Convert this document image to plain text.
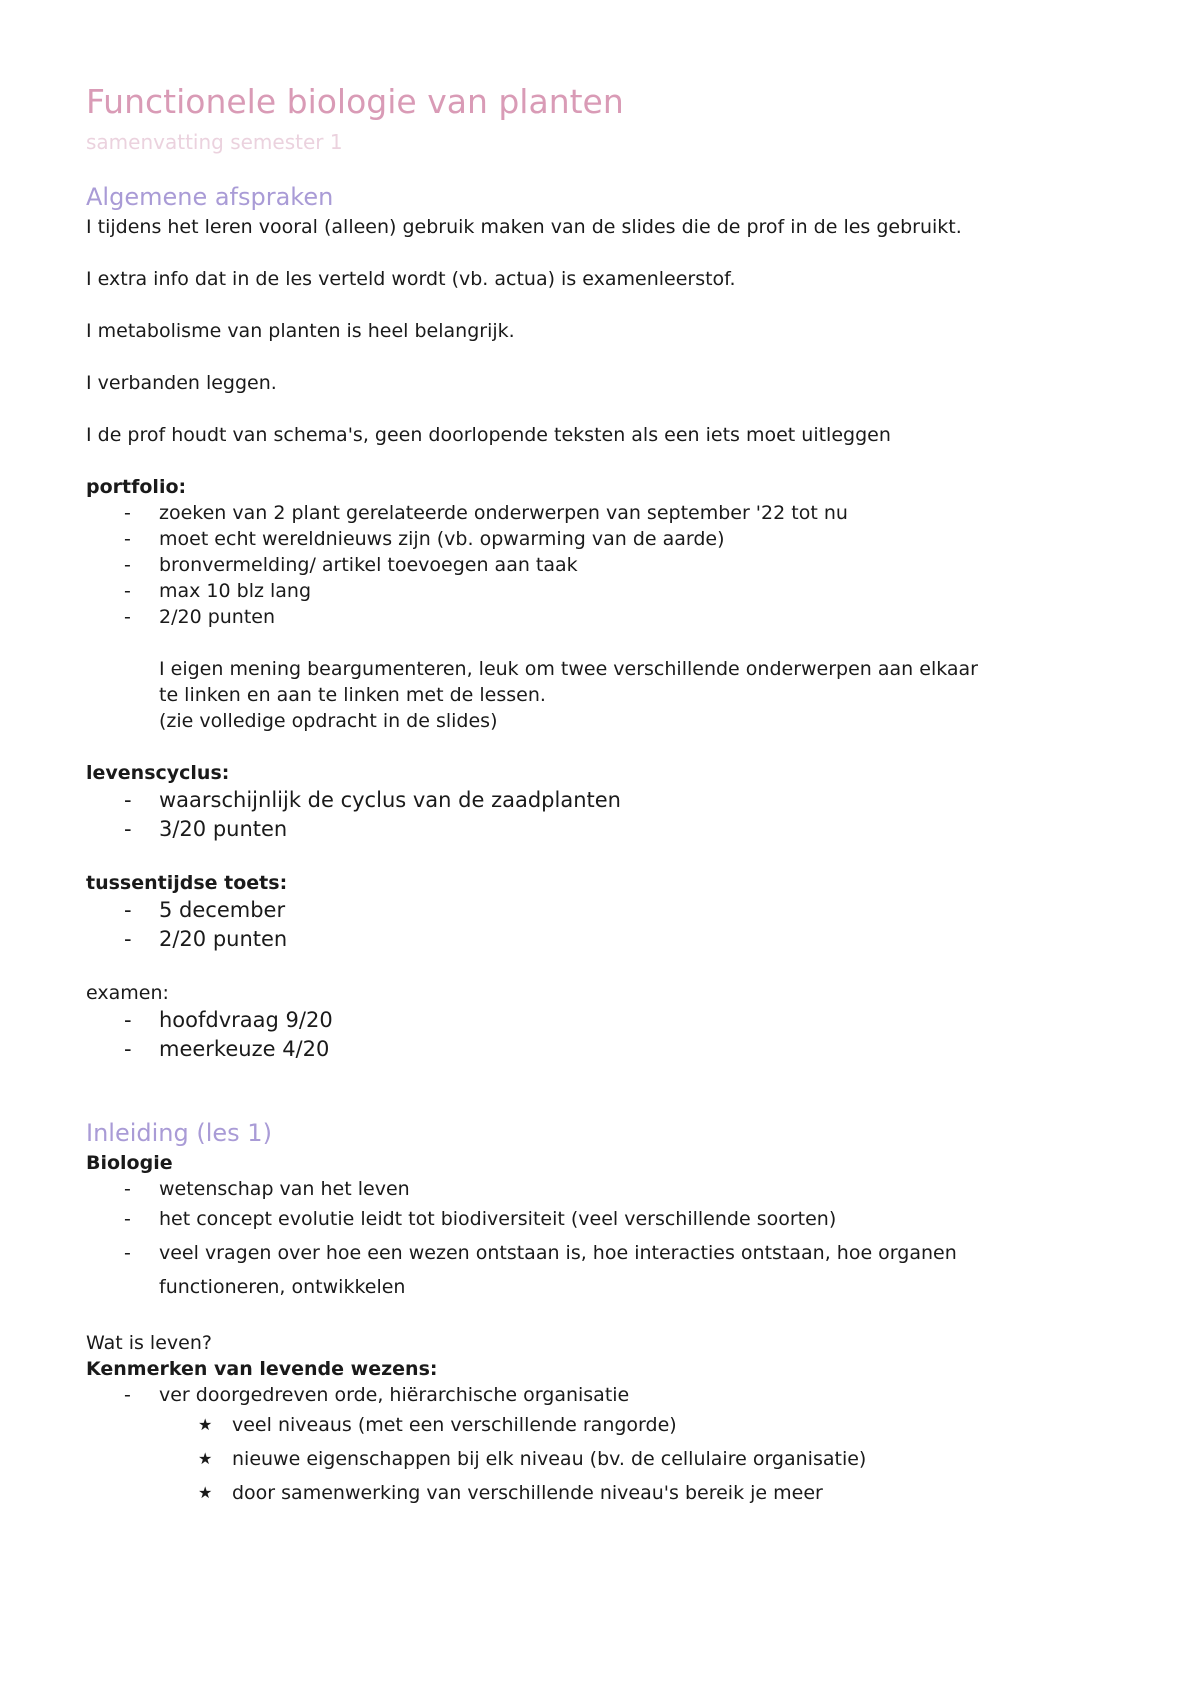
Functionele biologie van planten

samenvatting semester 1

Algemene afspraken

I tijdens het leren vooral (alleen) gebruik maken van de slides die de prof in de les gebruikt.

I extra info dat in de les verteld wordt (vb. actua) is examenleerstof.

I metabolisme van planten is heel belangrijk.

I verbanden leggen.

I de prof houdt van schema's, geen doorlopende teksten als een iets moet uitleggen

portfolio:

- zoeken van 2 plant gerelateerde onderwerpen van september '22 tot nu
- moet echt wereldnieuws zijn (vb. opwarming van de aarde)
- bronvermelding/ artikel toevoegen aan taak
- max 10 blz lang
- 2/20 punten
I eigen mening beargumenteren, leuk om twee verschillende onderwerpen aan elkaar
te linken en aan te linken met de lessen.
(zie volledige opdracht in de slides)

levenscyclus:

- waarschijnlijk de cyclus van de zaadplanten
- 3/20 punten

tussentijdse toets:

- 5 december
- 2/20 punten

examen:

- hoofdvraag 9/20
- meerkeuze 4/20
Inleiding (les 1)

Biologie

- wetenschap van het leven
- het concept evolutie leidt tot biodiversiteit (veel verschillende soorten)
- veel vragen over hoe een wezen ontstaan is, hoe interacties ontstaan, hoe organen
functioneren, ontwikkelen

Wat is leven?

Kenmerken van levende wezens:

- ver doorgedreven orde, hiërarchische organisatie
★ veel niveaus (met een verschillende rangorde)
★ nieuwe eigenschappen bij elk niveau (bv. de cellulaire organisatie)
★ door samenwerking van verschillende niveau's bereik je meer
